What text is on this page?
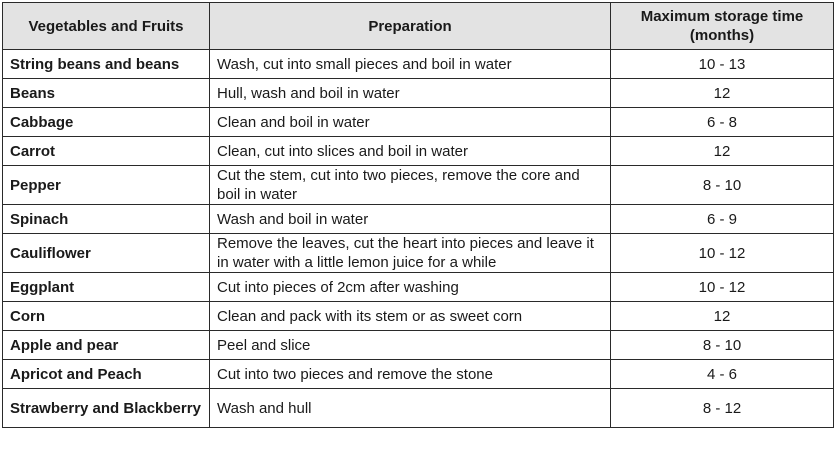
Vegetables and Fruits	Preparation	Maximum storage time (months)
String beans and beans	Wash, cut into small pieces and boil in water	10 - 13
Beans	Hull, wash and boil in water	12
Cabbage	Clean and boil in water	6 - 8
Carrot	Clean, cut into slices and boil in water	12
Pepper	Cut the stem, cut into two pieces, remove the core and boil in water	8 - 10
Spinach	Wash and boil in water	6 - 9
Cauliflower	Remove the leaves, cut the heart into pieces and leave it in water with a little lemon juice for a while	10 - 12
Eggplant	Cut into pieces of 2cm after washing	10 - 12
Corn	Clean and pack with its stem or as sweet corn	12
Apple and pear	Peel and slice	8 - 10
Apricot and Peach	Cut into two pieces and remove the stone	4 - 6
Strawberry and Blackberry	Wash and hull	8 - 12
